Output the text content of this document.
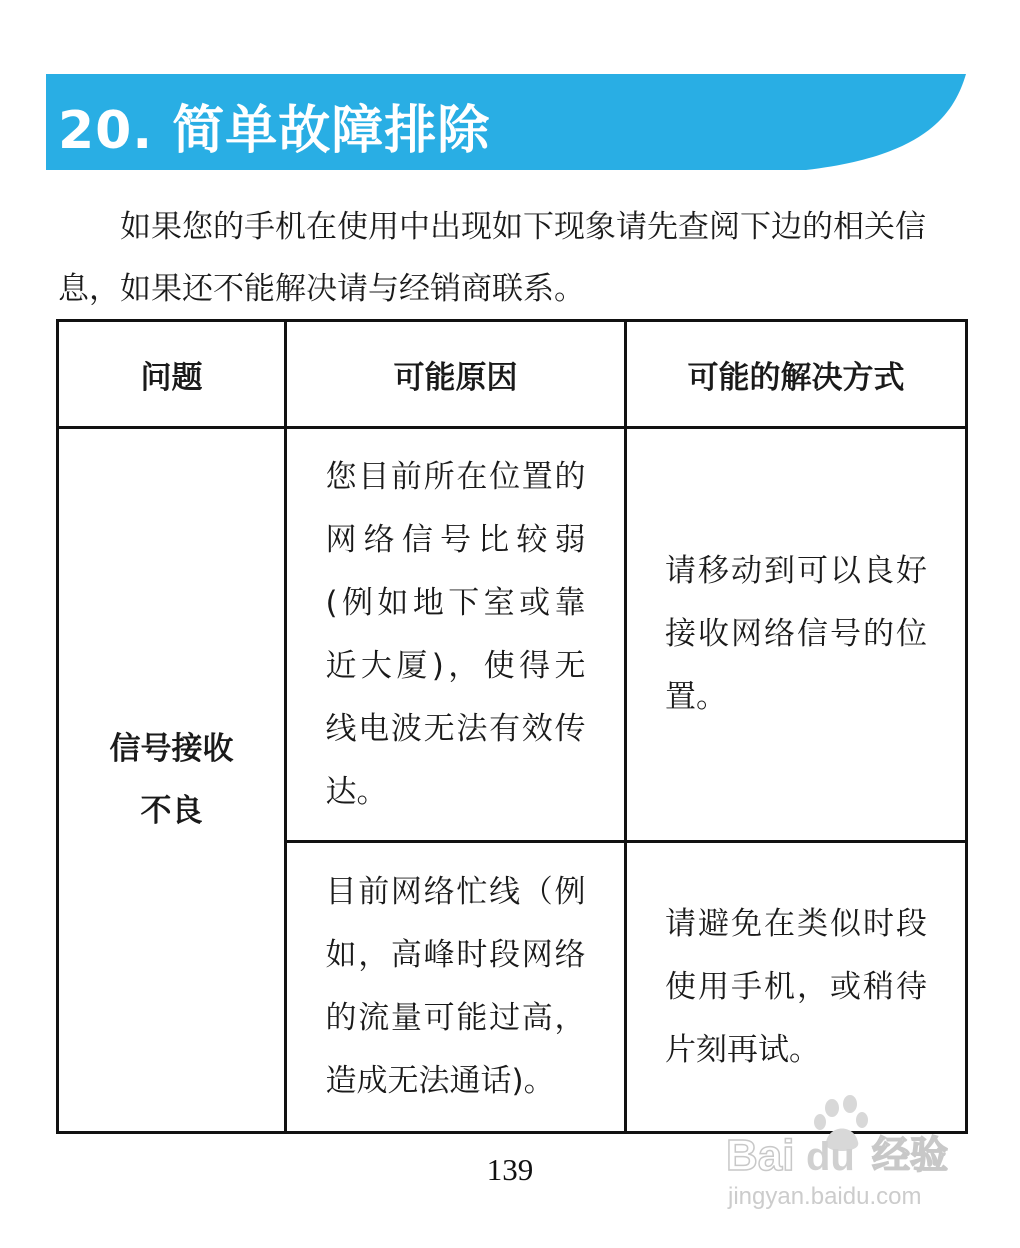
20. 简单故障排除
如果您的手机在使用中出现如下现象请先查阅下边的相关信息，如果还不能解决请与经销商联系。
问题	可能原因	可能的解决方式

信号接收不良	您目前所在位置的网络信号比较弱(例如地下室或靠近大厦)，使得无线电波无法有效传达。	请移动到可以良好接收网络信号的位置。

	目前网络忙线（例如，高峰时段网络的流量可能过高，造成无法通话)。	请避免在类似时段使用手机，或稍待片刻再试。
139	Bai du 经验
jingyan.baidu.com
